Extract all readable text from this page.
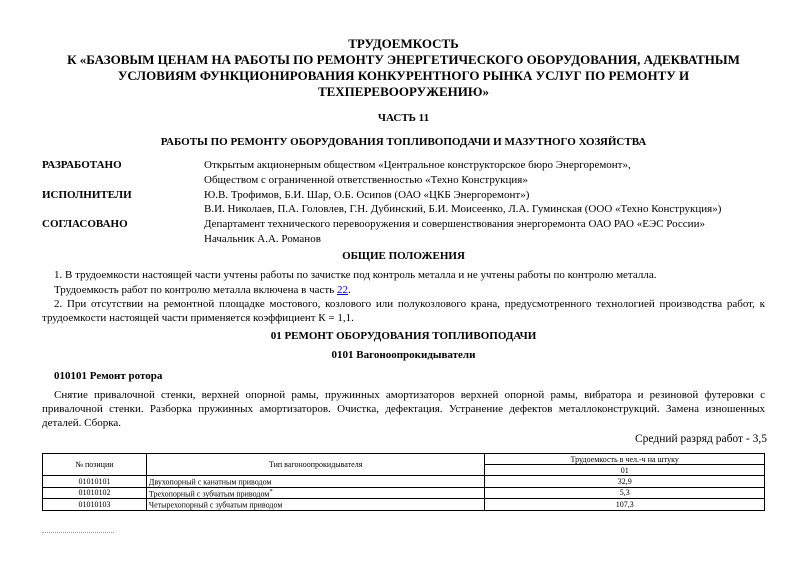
ТРУДОЕМКОСТЬ
К «БАЗОВЫМ ЦЕНАМ НА РАБОТЫ ПО РЕМОНТУ ЭНЕРГЕТИЧЕСКОГО ОБОРУДОВАНИЯ, АДЕКВАТНЫМ
УСЛОВИЯМ ФУНКЦИОНИРОВАНИЯ КОНКУРЕНТНОГО РЫНКА УСЛУГ ПО РЕМОНТУ И
ТЕХПЕРЕВООРУЖЕНИЮ»
ЧАСТЬ 11
РАБОТЫ ПО РЕМОНТУ ОБОРУДОВАНИЯ ТОПЛИВОПОДАЧИ И МАЗУТНОГО ХОЗЯЙСТВА
РАЗРАБОТАНО	Открытым акционерным обществом «Центральное конструкторское бюро Энергоремонт»,
Обществом с ограниченной ответственностью «Техно Конструкция»
ИСПОЛНИТЕЛИ	Ю.В. Трофимов, Б.И. Шар, О.Б. Осипов (ОАО «ЦКБ Энергоремонт»)
В.И. Николаев, П.А. Головлев, Г.Н. Дубинский, Б.И. Моисеенко, Л.А. Гуминская (ООО «Техно Конструкция»)
СОГЛАСОВАНО	Департамент технического перевооружения и совершенствования энергоремонта ОАО РАО «ЕЭС России»
Начальник А.А. Романов
ОБЩИЕ ПОЛОЖЕНИЯ
1. В трудоемкости настоящей части учтены работы по зачистке под контроль металла и не учтены работы по контролю металла.
Трудоемкость работ по контролю металла включена в часть 22.
2. При отсутствии на ремонтной площадке мостового, козлового или полукозлового крана, предусмотренного технологией производства работ, к трудоемкости настоящей части применяется коэффициент К = 1,1.
01 РЕМОНТ ОБОРУДОВАНИЯ ТОПЛИВОПОДАЧИ
0101 Вагоноопрокидыватели
010101 Ремонт ротора
Снятие привалочной стенки, верхней опорной рамы, пружинных амортизаторов верхней опорной рамы, вибратора и резиновой футеровки с привалочной стенки. Разборка пружинных амортизаторов. Очистка, дефектация. Устранение дефектов металлоконструкций. Замена изношенных деталей. Сборка.
Средний разряд работ - 3,5
№ позиции	Тип вагоноопрокидывателя	Трудоемкость в чел.-ч на штуку
		01
01010101	Двухопорный с канатным приводом	32,9
01010102	Трехопорный с зубчатым приводом*	5,3
01010103	Четырехопорный с зубчатым приводом	107,3
